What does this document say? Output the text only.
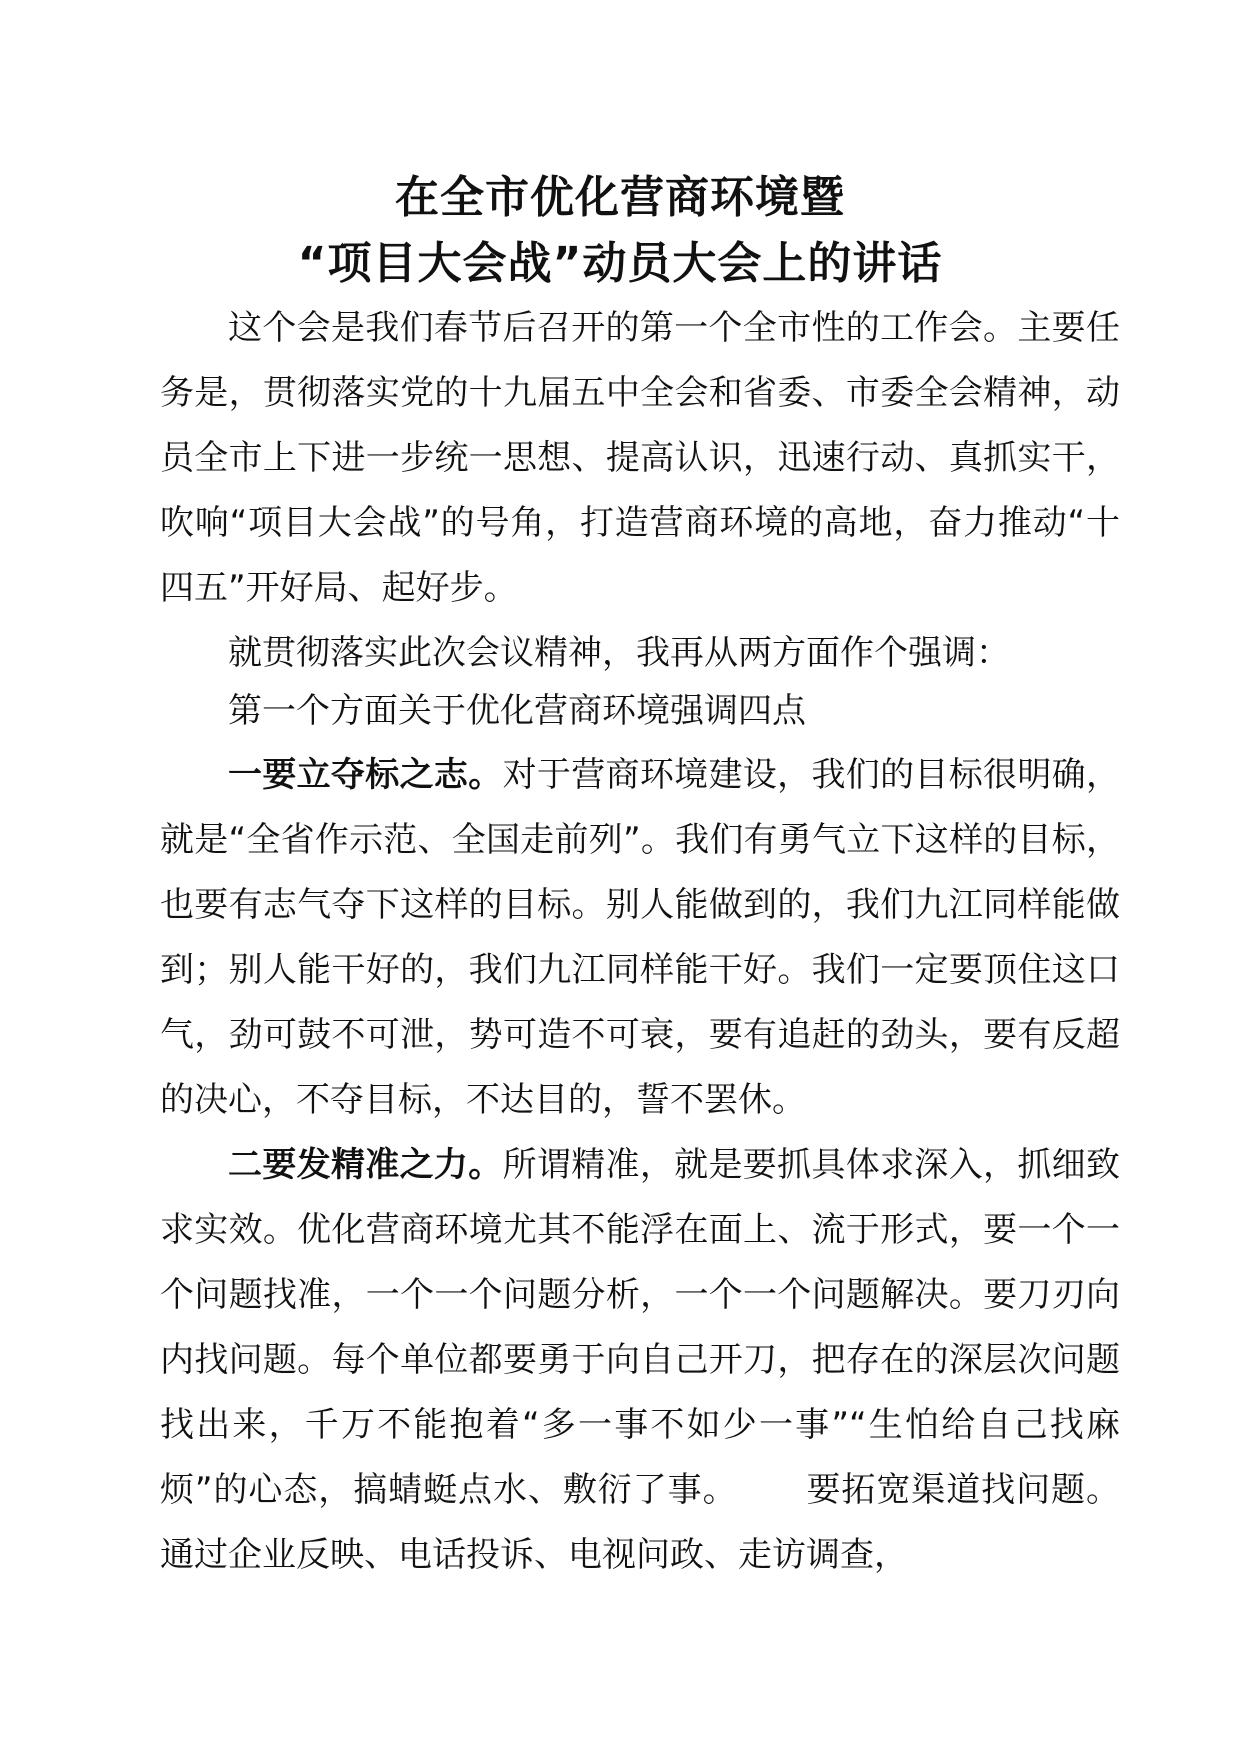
在全市优化营商环境暨
“项目大会战”动员大会上的讲话

这个会是我们春节后召开的第一个全市性的工作会。主要任务是，贯彻落实党的十九届五中全会和省委、市委全会精神，动员全市上下进一步统一思想、提高认识，迅速行动、真抓实干，吹响“项目大会战”的号角，打造营商环境的高地，奋力推动“十四五”开好局、起好步。

就贯彻落实此次会议精神，我再从两方面作个强调：

第一个方面关于优化营商环境强调四点

一要立夺标之志。对于营商环境建设，我们的目标很明确，就是“全省作示范、全国走前列”。我们有勇气立下这样的目标，也要有志气夺下这样的目标。别人能做到的，我们九江同样能做到；别人能干好的，我们九江同样能干好。我们一定要顶住这口气，劲可鼓不可泄，势可造不可衰，要有追赶的劲头，要有反超的决心，不夺目标，不达目的，誓不罢休。

二要发精准之力。所谓精准，就是要抓具体求深入，抓细致求实效。优化营商环境尤其不能浮在面上、流于形式，要一个一个问题找准，一个一个问题分析，一个一个问题解决。要刀刃向内找问题。每个单位都要勇于向自己开刀，把存在的深层次问题找出来，千万不能抱着“多一事不如少一事”“生怕给自己找麻烦”的心态，搞蜻蜓点水、敷衍了事。 要拓宽渠道找问题。通过企业反映、电话投诉、电视问政、走访调查，
